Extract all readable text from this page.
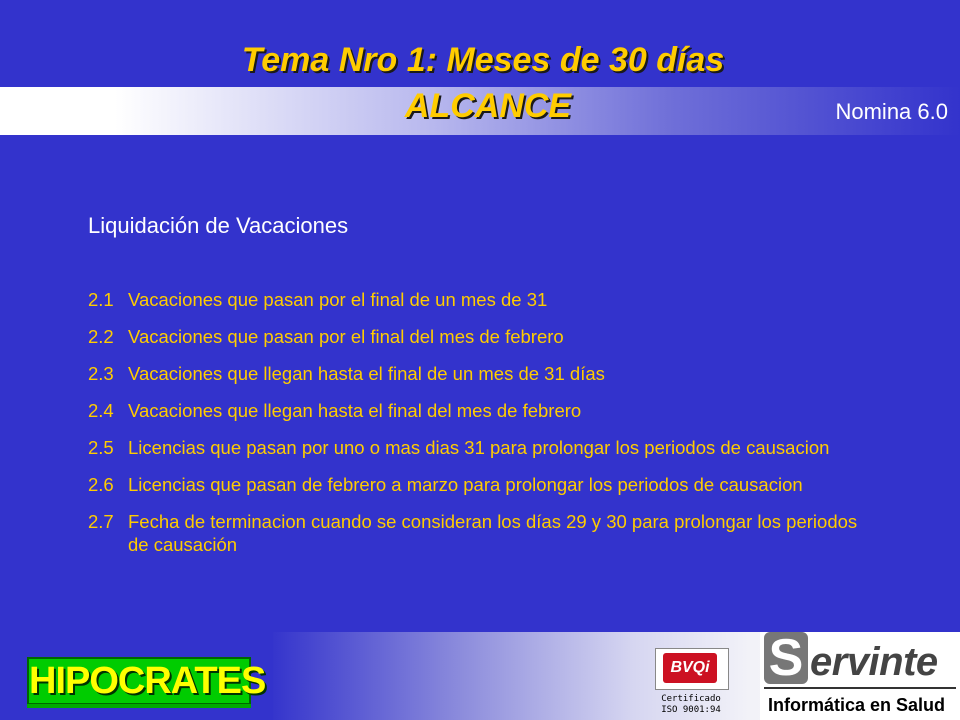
Tema Nro 1: Meses de 30 días
ALCANCE	Nomina 6.0
Liquidación de Vacaciones
2.1 Vacaciones que pasan por el final de un mes de 31
2.2 Vacaciones que pasan por el final del mes de febrero
2.3 Vacaciones que llegan hasta el final de un mes de 31 días
2.4 Vacaciones que llegan hasta el final del mes de febrero
2.5 Licencias que pasan por uno o mas dias 31 para prolongar los periodos de causacion
2.6 Licencias que pasan de febrero a marzo para prolongar los periodos de causacion
2.7 Fecha de terminacion cuando se consideran los días 29 y 30 para prolongar los periodos de causación
HIPOCRATES	BVQi
Certificado
ISO 9001:94
S ervinte
Informática en Salud
